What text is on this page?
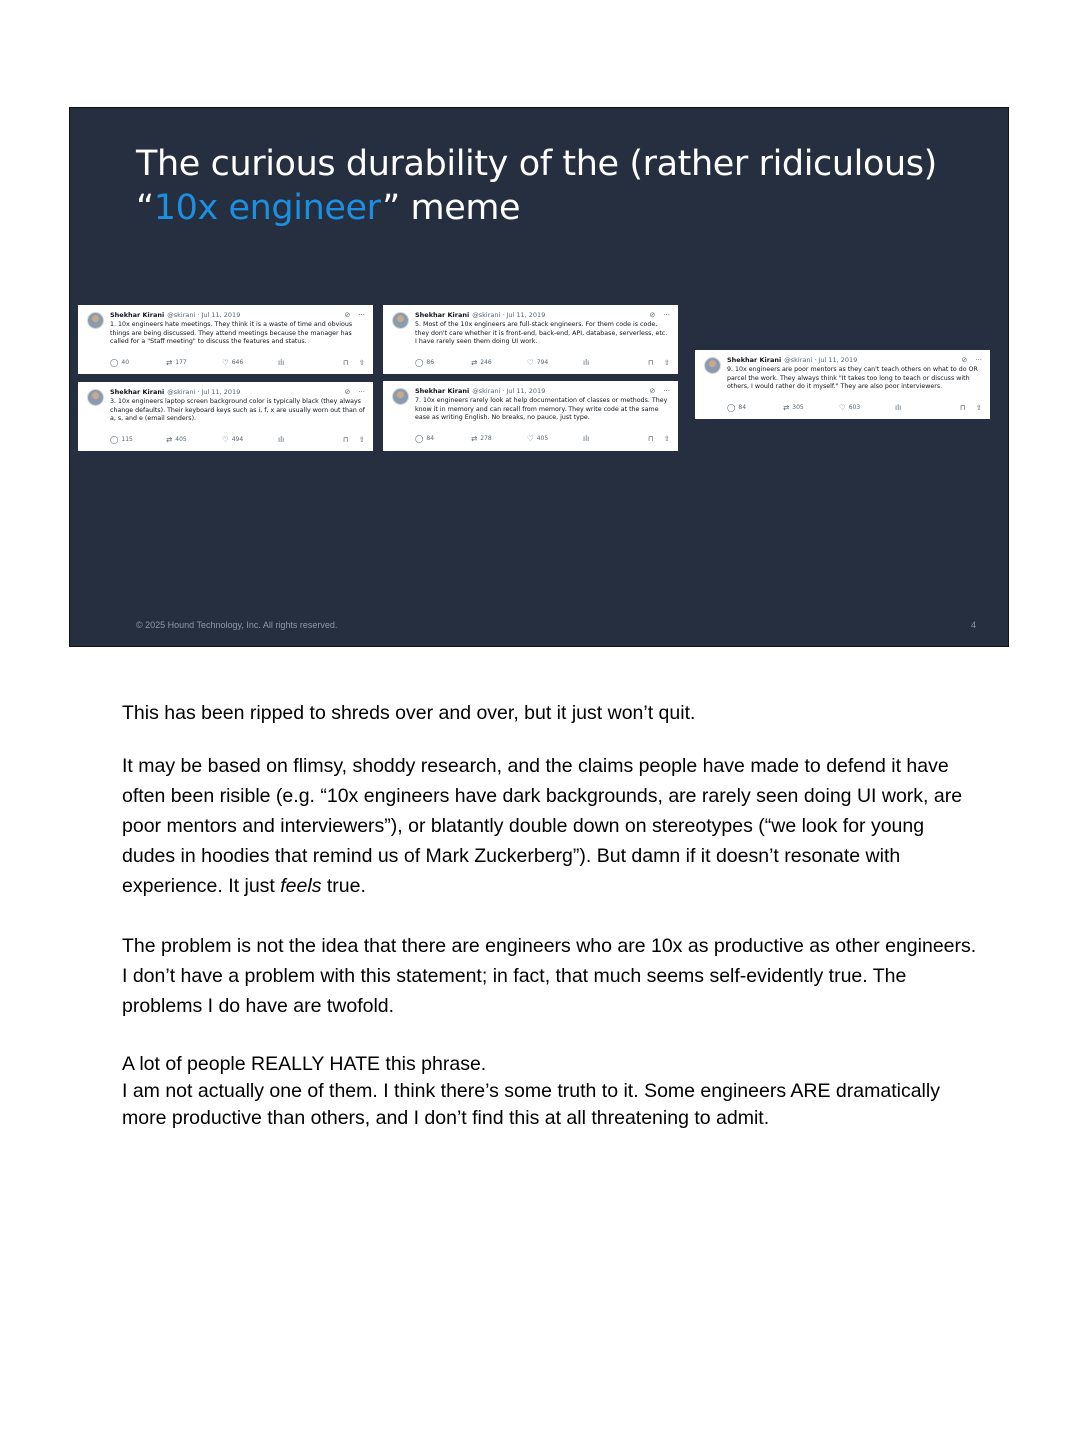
The curious durability of the (rather ridiculous)
“10x engineer” meme
Shekhar Kirani @skirani · Jul 11, 2019	⊘ ···
1. 10x engineers hate meetings. They think it is a waste of time and obvious things are being discussed. They attend meetings because the manager has called for a "Staff meeting" to discuss the features and status.
◯ 40	⇄ 177	♡ 646	ılı	⊓ ⇧
Shekhar Kirani @skirani · Jul 11, 2019	⊘ ···
3. 10x engineers laptop screen background color is typically black (they always change defaults). Their keyboard keys such as i, f, x are usually worn out than of a, s, and e (email senders).
◯ 115	⇄ 405	♡ 494	ılı	⊓ ⇧
Shekhar Kirani @skirani · Jul 11, 2019	⊘ ···
5. Most of the 10x engineers are full-stack engineers. For them code is code, they don't care whether it is front-end, back-end, API, database, serverless, etc. I have rarely seen them doing UI work.
◯ 86	⇄ 246	♡ 794	ılı	⊓ ⇧
Shekhar Kirani @skirani · Jul 11, 2019	⊘ ···
7. 10x engineers rarely look at help documentation of classes or methods. They know it in memory and can recall from memory. They write code at the same ease as writing English. No breaks, no pauce, just type.
◯ 84	⇄ 278	♡ 405	ılı	⊓ ⇧
Shekhar Kirani @skirani · Jul 11, 2019	⊘ ···
9. 10x engineers are poor mentors as they can't teach others on what to do OR parcel the work. They always think "It takes too long to teach or discuss with others, I would rather do it myself." They are also poor interviewers.
◯ 84	⇄ 305	♡ 603	ılı	⊓ ⇧
© 2025 Hound Technology, Inc. All rights reserved.	4

This has been ripped to shreds over and over, but it just won’t quit.

It may be based on flimsy, shoddy research, and the claims people have made to defend it have often been risible (e.g. “10x engineers have dark backgrounds, are rarely seen doing UI work, are poor mentors and interviewers”), or blatantly double down on stereotypes (“we look for young dudes in hoodies that remind us of Mark Zuckerberg”). But damn if it doesn’t resonate with experience. It just feels true.

The problem is not the idea that there are engineers who are 10x as productive as other engineers. I don’t have a problem with this statement; in fact, that much seems self-evidently true. The problems I do have are twofold.

A lot of people REALLY HATE this phrase.

I am not actually one of them. I think there’s some truth to it. Some engineers ARE dramatically more productive than others, and I don’t find this at all threatening to admit.
